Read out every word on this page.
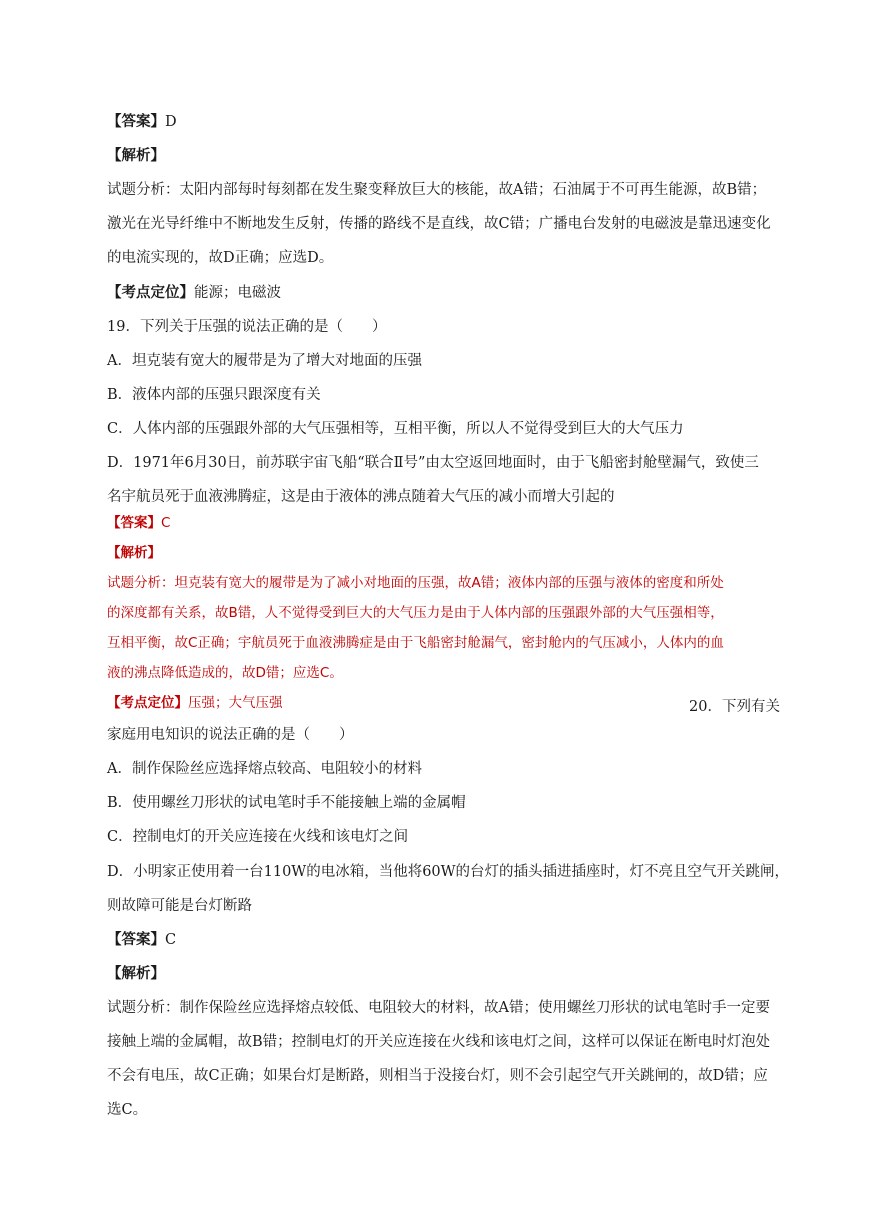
【答案】D
【解析】
试题分析：太阳内部每时每刻都在发生聚变释放巨大的核能，故A错；石油属于不可再生能源，故B错；
激光在光导纤维中不断地发生反射，传播的路线不是直线，故C错；广播电台发射的电磁波是靠迅速变化
的电流实现的，故D正确；应选D。
【考点定位】能源；电磁波
19．下列关于压强的说法正确的是（　　）
A．坦克装有宽大的履带是为了增大对地面的压强
B．液体内部的压强只跟深度有关
C．人体内部的压强跟外部的大气压强相等，互相平衡，所以人不觉得受到巨大的大气压力
D．1971年6月30日，前苏联宇宙飞船“联合Ⅱ号”由太空返回地面时，由于飞船密封舱壁漏气，致使三
名宇航员死于血液沸腾症，这是由于液体的沸点随着大气压的减小而增大引起的
【答案】C
【解析】
试题分析：坦克装有宽大的履带是为了减小对地面的压强，故A错；液体内部的压强与液体的密度和所处
的深度都有关系，故B错，人不觉得受到巨大的大气压力是由于人体内部的压强跟外部的大气压强相等，
互相平衡，故C正确；宇航员死于血液沸腾症是由于飞船密封舱漏气，密封舱内的气压减小，人体内的血
液的沸点降低造成的，故D错；应选C。
【考点定位】压强；大气压强	20．下列有关
家庭用电知识的说法正确的是（　　）
A．制作保险丝应选择熔点较高、电阻较小的材料
B．使用螺丝刀形状的试电笔时手不能接触上端的金属帽
C．控制电灯的开关应连接在火线和该电灯之间
D．小明家正使用着一台110W的电冰箱，当他将60W的台灯的插头插进插座时，灯不亮且空气开关跳闸，
则故障可能是台灯断路
【答案】C
【解析】
试题分析：制作保险丝应选择熔点较低、电阻较大的材料，故A错；使用螺丝刀形状的试电笔时手一定要
接触上端的金属帽，故B错；控制电灯的开关应连接在火线和该电灯之间，这样可以保证在断电时灯泡处
不会有电压，故C正确；如果台灯是断路，则相当于没接台灯，则不会引起空气开关跳闸的，故D错；应
选C。
